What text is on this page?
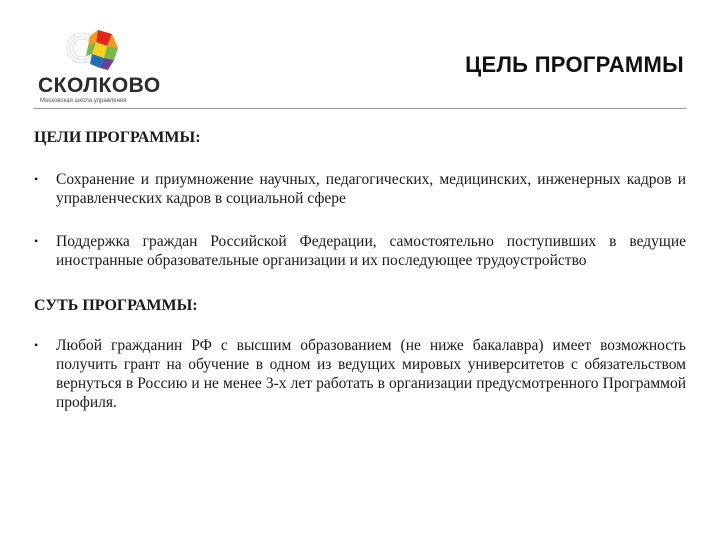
СКОЛКОВО
Московская школа управления
ЦЕЛЬ ПРОГРАММЫ
ЦЕЛИ ПРОГРАММЫ:
• Сохранение и приумножение научных, педагогических, медицинских, инженерных кадров и управленческих кадров в социальной сфере
• Поддержка граждан Российской Федерации, самостоятельно поступивших в ведущие иностранные образовательные организации и их последующее трудоустройство
СУТЬ ПРОГРАММЫ:
• Любой гражданин РФ с высшим образованием (не ниже бакалавра) имеет возможность получить грант на обучение в одном из ведущих мировых университетов с обязательством вернуться в Россию и не менее 3-х лет работать в организации предусмотренного Программой профиля.
